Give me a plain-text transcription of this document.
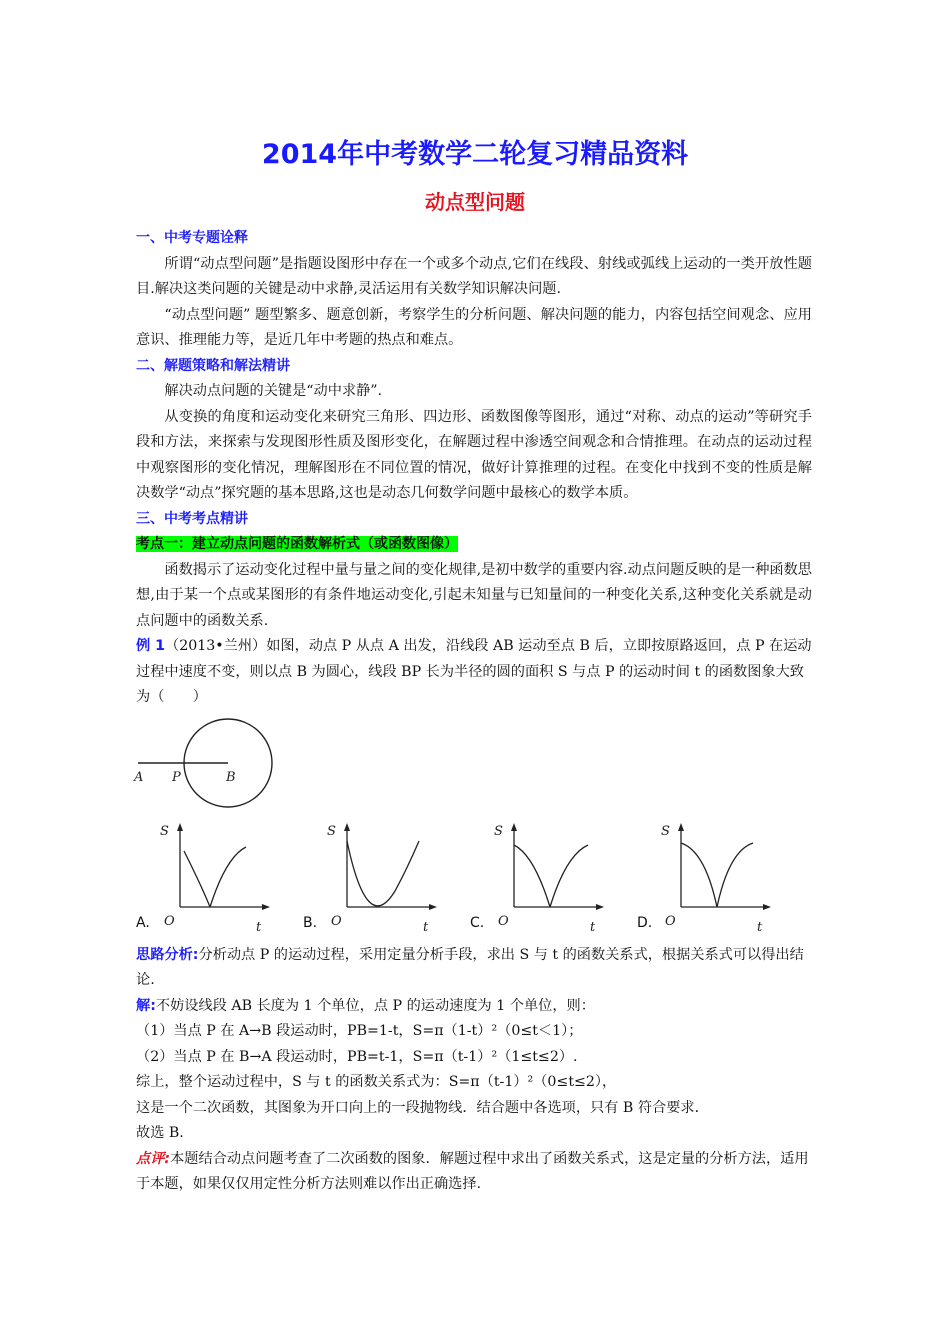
2014年中考数学二轮复习精品资料
动点型问题
一、中考专题诠释
所谓“动点型问题”是指题设图形中存在一个或多个动点,它们在线段、射线或弧线上运动的一类开放性题目.解决这类问题的关键是动中求静,灵活运用有关数学知识解决问题.
“动点型问题” 题型繁多、题意创新，考察学生的分析问题、解决问题的能力，内容包括空间观念、应用意识、推理能力等，是近几年中考题的热点和难点。
二、解题策略和解法精讲
解决动点问题的关键是“动中求静”.
从变换的角度和运动变化来研究三角形、四边形、函数图像等图形，通过“对称、动点的运动”等研究手段和方法，来探索与发现图形性质及图形变化，在解题过程中渗透空间观念和合情推理。在动点的运动过程中观察图形的变化情况，理解图形在不同位置的情况，做好计算推理的过程。在变化中找到不变的性质是解决数学“动点”探究题的基本思路,这也是动态几何数学问题中最核心的数学本质。
三、中考考点精讲
考点一：建立动点问题的函数解析式（或函数图像）
函数揭示了运动变化过程中量与量之间的变化规律,是初中数学的重要内容.动点问题反映的是一种函数思想,由于某一个点或某图形的有条件地运动变化,引起未知量与已知量间的一种变化关系,这种变化关系就是动点问题中的函数关系.
例 1（2013•兰州）如图，动点 P 从点 A 出发，沿线段 AB 运动至点 B 后，立即按原路返回，点 P 在运动过程中速度不变，则以点 B 为圆心，线段 BP 长为半径的圆的面积 S 与点 P 的运动时间 t 的函数图象大致为（　　）
A P	B
A.
S
O	t	B.
S
O	t	C.
S
O	t	D.
S
O	t
思路分析:分析动点 P 的运动过程，采用定量分析手段，求出 S 与 t 的函数关系式，根据关系式可以得出结论.
解:不妨设线段 AB 长度为 1 个单位，点 P 的运动速度为 1 个单位，则：
（1）当点 P 在 A→B 段运动时，PB=1-t，S=π（1-t）²（0≤t＜1）；
（2）当点 P 在 B→A 段运动时，PB=t-1，S=π（t-1）²（1≤t≤2）.
综上，整个运动过程中，S 与 t 的函数关系式为：S=π（t-1）²（0≤t≤2），
这是一个二次函数，其图象为开口向上的一段抛物线．结合题中各选项，只有 B 符合要求．
故选 B.
点评:本题结合动点问题考查了二次函数的图象．解题过程中求出了函数关系式，这是定量的分析方法，适用于本题，如果仅仅用定性分析方法则难以作出正确选择.
